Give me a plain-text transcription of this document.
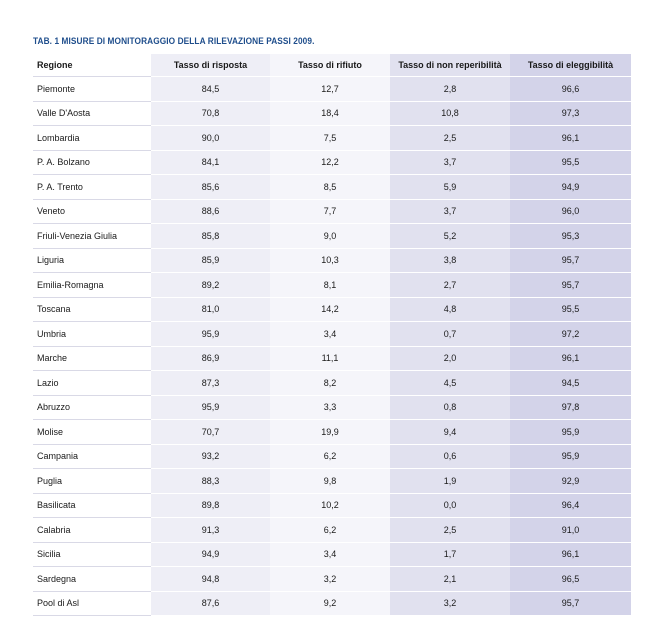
TAB. 1 MISURE DI MONITORAGGIO DELLA RILEVAZIONE PASSI 2009.
Regione	Tasso di risposta	Tasso di rifiuto	Tasso di non reperibilità	Tasso di eleggibilità
Piemonte	84,5	12,7	2,8	96,6
Valle D'Aosta	70,8	18,4	10,8	97,3
Lombardia	90,0	7,5	2,5	96,1
P. A. Bolzano	84,1	12,2	3,7	95,5
P. A. Trento	85,6	8,5	5,9	94,9
Veneto	88,6	7,7	3,7	96,0
Friuli-Venezia Giulia	85,8	9,0	5,2	95,3
Liguria	85,9	10,3	3,8	95,7
Emilia-Romagna	89,2	8,1	2,7	95,7
Toscana	81,0	14,2	4,8	95,5
Umbria	95,9	3,4	0,7	97,2
Marche	86,9	11,1	2,0	96,1
Lazio	87,3	8,2	4,5	94,5
Abruzzo	95,9	3,3	0,8	97,8
Molise	70,7	19,9	9,4	95,9
Campania	93,2	6,2	0,6	95,9
Puglia	88,3	9,8	1,9	92,9
Basilicata	89,8	10,2	0,0	96,4
Calabria	91,3	6,2	2,5	91,0
Sicilia	94,9	3,4	1,7	96,1
Sardegna	94,8	3,2	2,1	96,5
Pool di Asl	87,6	9,2	3,2	95,7
